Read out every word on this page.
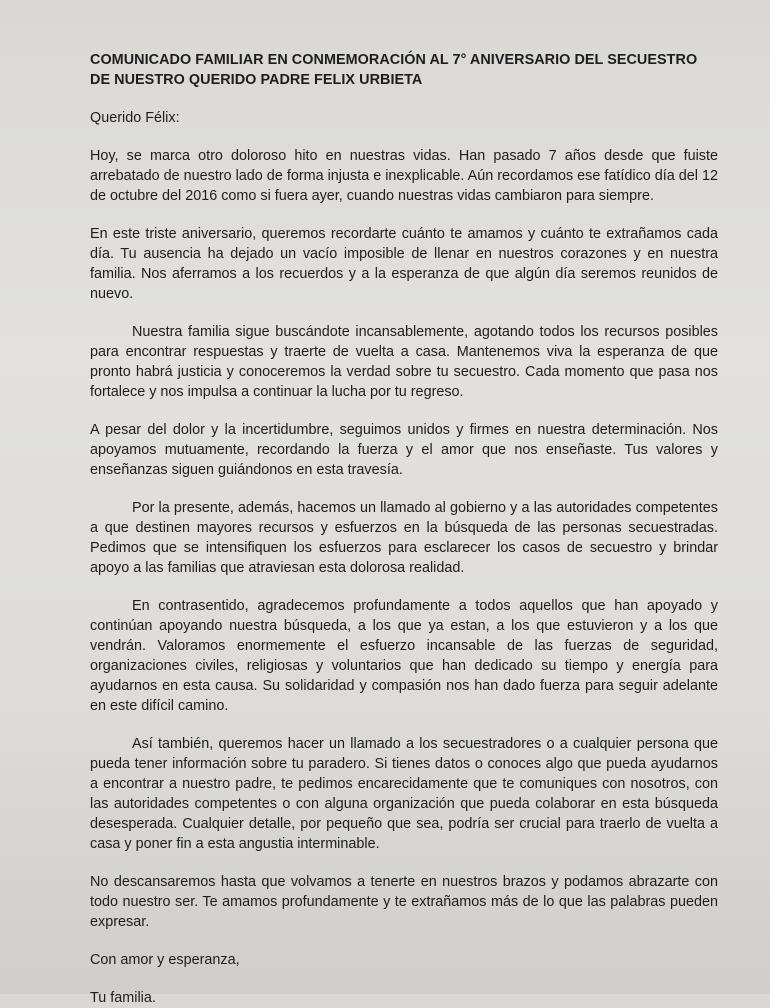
COMUNICADO FAMILIAR EN CONMEMORACIÓN AL 7° ANIVERSARIO DEL SECUESTRO DE NUESTRO QUERIDO PADRE FELIX URBIETA
Querido Félix:
Hoy, se marca otro doloroso hito en nuestras vidas. Han pasado 7 años desde que fuiste arrebatado de nuestro lado de forma injusta e inexplicable. Aún recordamos ese fatídico día del 12 de octubre del 2016 como si fuera ayer, cuando nuestras vidas cambiaron para siempre.
En este triste aniversario, queremos recordarte cuánto te amamos y cuánto te extrañamos cada día. Tu ausencia ha dejado un vacío imposible de llenar en nuestros corazones y en nuestra familia. Nos aferramos a los recuerdos y a la esperanza de que algún día seremos reunidos de nuevo.
Nuestra familia sigue buscándote incansablemente, agotando todos los recursos posibles para encontrar respuestas y traerte de vuelta a casa. Mantenemos viva la esperanza de que pronto habrá justicia y conoceremos la verdad sobre tu secuestro. Cada momento que pasa nos fortalece y nos impulsa a continuar la lucha por tu regreso.
A pesar del dolor y la incertidumbre, seguimos unidos y firmes en nuestra determinación. Nos apoyamos mutuamente, recordando la fuerza y el amor que nos enseñaste. Tus valores y enseñanzas siguen guiándonos en esta travesía.
Por la presente, además, hacemos un llamado al gobierno y a las autoridades competentes a que destinen mayores recursos y esfuerzos en la búsqueda de las personas secuestradas. Pedimos que se intensifiquen los esfuerzos para esclarecer los casos de secuestro y brindar apoyo a las familias que atraviesan esta dolorosa realidad.
En contrasentido, agradecemos profundamente a todos aquellos que han apoyado y continúan apoyando nuestra búsqueda, a los que ya estan, a los que estuvieron y a los que vendrán. Valoramos enormemente el esfuerzo incansable de las fuerzas de seguridad, organizaciones civiles, religiosas y voluntarios que han dedicado su tiempo y energía para ayudarnos en esta causa. Su solidaridad y compasión nos han dado fuerza para seguir adelante en este difícil camino.
Así también, queremos hacer un llamado a los secuestradores o a cualquier persona que pueda tener información sobre tu paradero. Si tienes datos o conoces algo que pueda ayudarnos a encontrar a nuestro padre, te pedimos encarecidamente que te comuniques con nosotros, con las autoridades competentes o con alguna organización que pueda colaborar en esta búsqueda desesperada. Cualquier detalle, por pequeño que sea, podría ser crucial para traerlo de vuelta a casa y poner fin a esta angustia interminable.
No descansaremos hasta que volvamos a tenerte en nuestros brazos y podamos abrazarte con todo nuestro ser. Te amamos profundamente y te extrañamos más de lo que las palabras pueden expresar.
Con amor y esperanza,
Tu familia.
